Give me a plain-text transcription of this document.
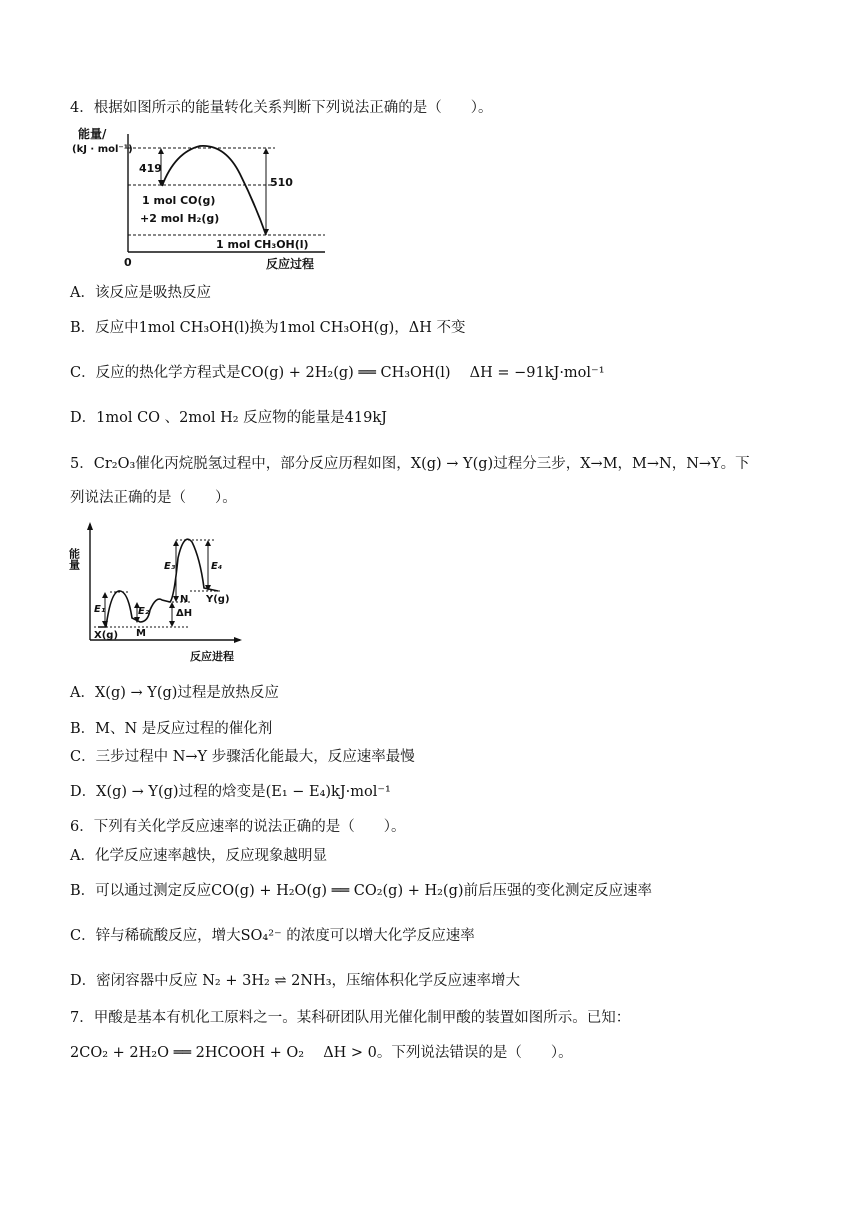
4．根据如图所示的能量转化关系判断下列说法正确的是（　　）。
能量/
(kJ · mol⁻¹)
0	反应过程
419
510
1 mol CO(g)
+2 mol H₂(g)
1 mol CH₃OH(l)
A．该反应是吸热反应
B．反应中1mol CH₃OH(l)换为1mol CH₃OH(g)，ΔH 不变
C．反应的热化学方程式是CO(g) + 2H₂(g) ══ CH₃OH(l)　 ΔH = −91kJ·mol⁻¹
D．1mol CO 、2mol H₂ 反应物的能量是419kJ
5．Cr₂O₃催化丙烷脱氢过程中，部分反应历程如图，X(g) → Y(g)过程分三步，X→M，M→N，N→Y。下
列说法正确的是（　　）。
能量
反应进程
E₁	E₂
E₃	E₄
ΔH
X(g) M
N Y(g)
A．X(g) → Y(g)过程是放热反应
B．M、N 是反应过程的催化剂
C．三步过程中 N→Y 步骤活化能最大，反应速率最慢
D．X(g) → Y(g)过程的焓变是(E₁ − E₄)kJ·mol⁻¹
6．下列有关化学反应速率的说法正确的是（　　）。
A．化学反应速率越快，反应现象越明显
B．可以通过测定反应CO(g) + H₂O(g) ══ CO₂(g) + H₂(g)前后压强的变化测定反应速率
C．锌与稀硫酸反应，增大SO₄²⁻ 的浓度可以增大化学反应速率
D．密闭容器中反应 N₂ + 3H₂ ⇌ 2NH₃，压缩体积化学反应速率增大
7．甲酸是基本有机化工原料之一。某科研团队用光催化制甲酸的装置如图所示。已知：
2CO₂ + 2H₂O ══ 2HCOOH + O₂　 ΔH > 0。下列说法错误的是（　　）。
